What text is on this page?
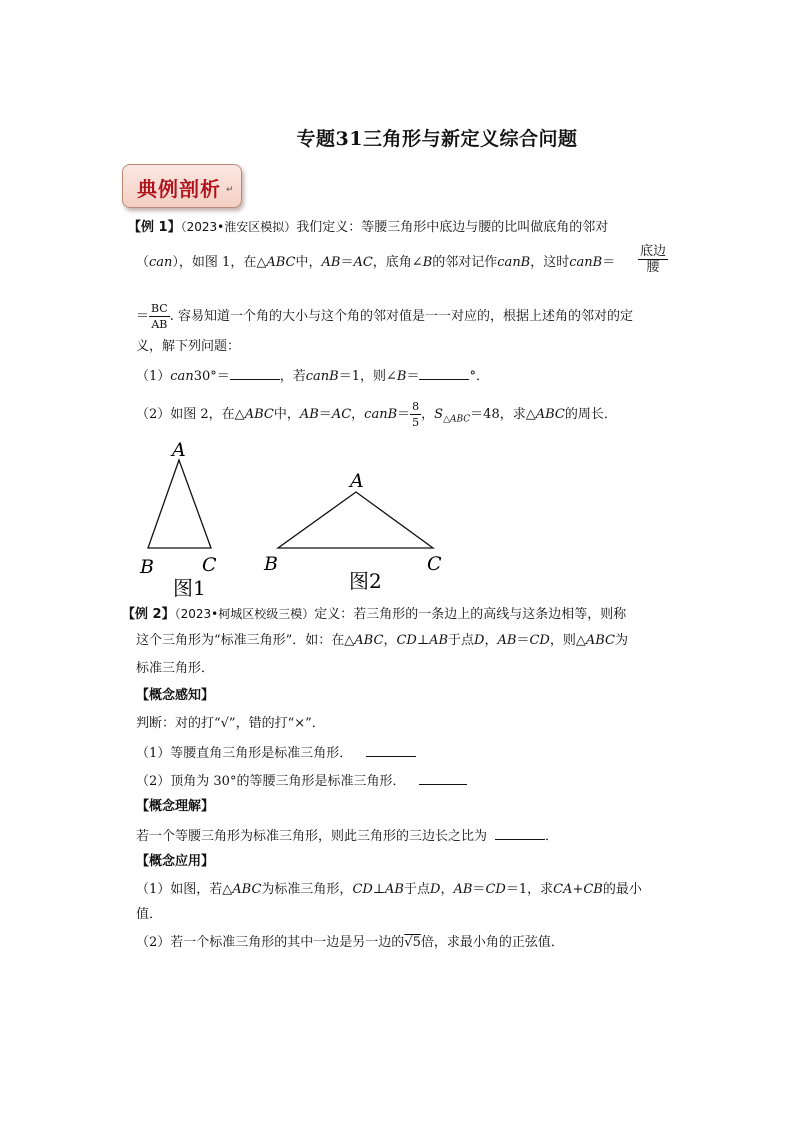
专题31三角形与新定义综合问题
典例剖析 ↵
【例 1】（2023•淮安区模拟）我们定义：等腰三角形中底边与腰的比叫做底角的邻对
（can），如图 1，在△ABC中，AB＝AC，底角∠B的邻对记作canB，这时canB＝
底边
腰
＝ $\frac{BC}{AB}$ . 容易知道一个角的大小与这个角的邻对值是一一对应的，根据上述角的邻对的定
义，解下列问题：
（1）can30°＝	，若canB＝1，则∠B＝	°．
（2）如图 2，在△ABC中，AB＝AC，canB＝ $\frac{8}{5}$ ，$S_{\triangle ABC}=48$，求△ABC的周长．
A
B	C
图1
A
B	C
图2
【例 2】（2023•柯城区校级三模）定义：若三角形的一条边上的高线与这条边相等，则称
这个三角形为“标准三角形”．如：在△ABC，CD⊥AB于点D，AB＝CD，则△ABC为
标准三角形．
【概念感知】
判断：对的打“√”，错的打“×”．
（1）等腰直角三角形是标准三角形．
（2）顶角为 30°的等腰三角形是标准三角形．
【概念理解】
若一个等腰三角形为标准三角形，则此三角形的三边长之比为	．
【概念应用】
（1）如图，若△ABC为标准三角形，CD⊥AB于点D，AB＝CD＝1，求CA+CB的最小
值．
（2）若一个标准三角形的其中一边是另一边的√5倍，求最小角的正弦值．
